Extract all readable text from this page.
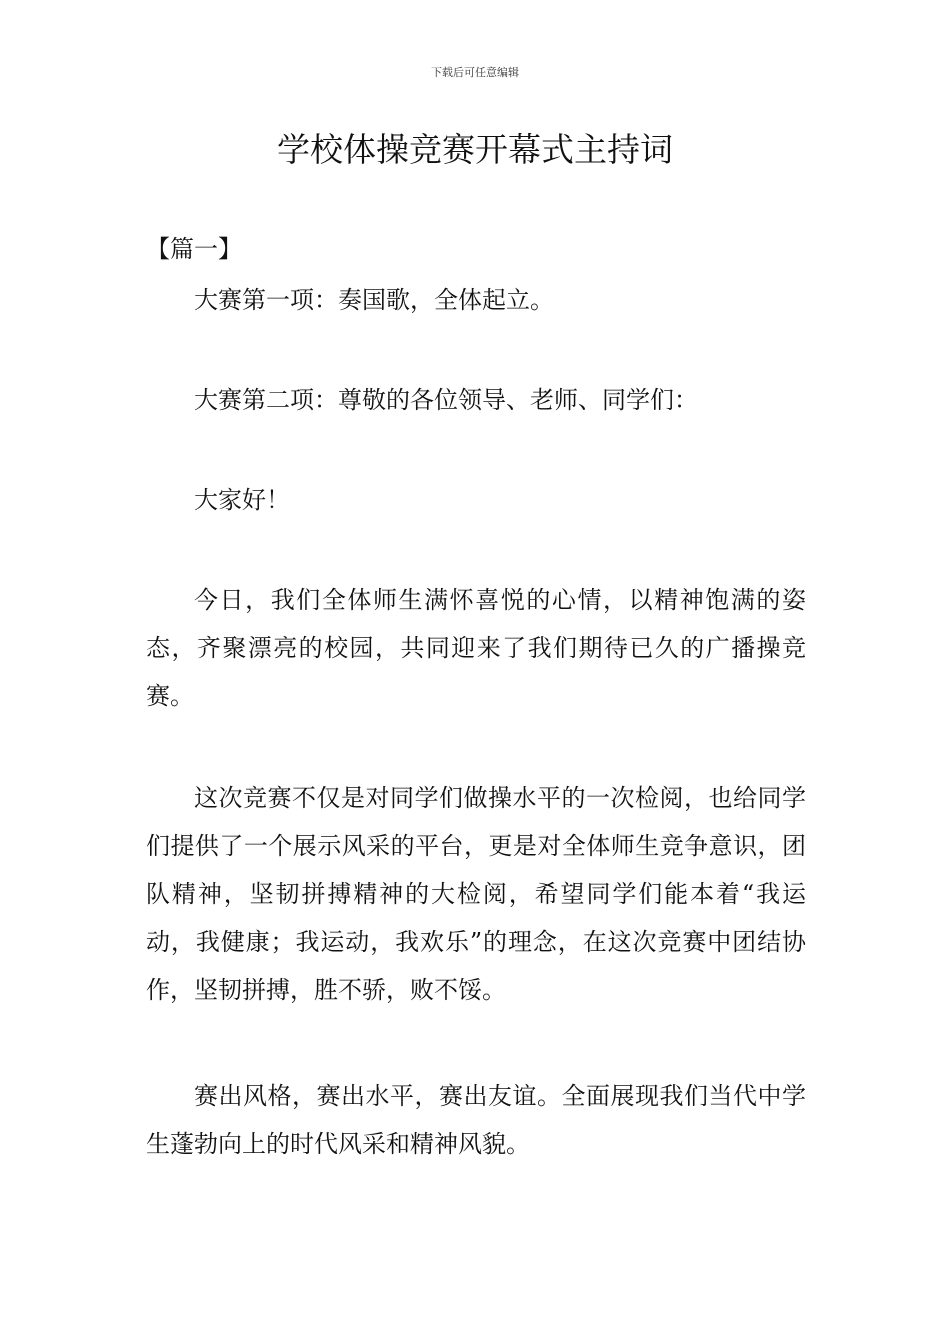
下载后可任意编辑
学校体操竞赛开幕式主持词
【篇一】

大赛第一项：奏国歌，全体起立。

大赛第二项：尊敬的各位领导、老师、同学们：

大家好！

今日，我们全体师生满怀喜悦的心情，以精神饱满的姿态，齐聚漂亮的校园，共同迎来了我们期待已久的广播操竞赛。

这次竞赛不仅是对同学们做操水平的一次检阅，也给同学们提供了一个展示风采的平台，更是对全体师生竞争意识，团队精神，坚韧拼搏精神的大检阅，希望同学们能本着“我运动，我健康；我运动，我欢乐”的理念，在这次竞赛中团结协作，坚韧拼搏，胜不骄，败不馁。

赛出风格，赛出水平，赛出友谊。全面展现我们当代中学生蓬勃向上的时代风采和精神风貌。
